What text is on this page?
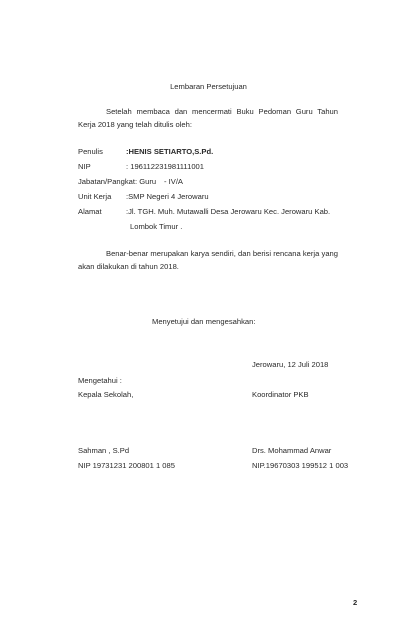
Lembaran Persetujuan
Setelah membaca dan mencermati Buku Pedoman Guru Tahun Kerja 2018 yang telah ditulis oleh:
Penulis	:HENIS SETIARTO,S.Pd.
NIP	: 196112231981111001
Jabatan/Pangkat: Guru - IV/A
Unit Kerja :SMP Negeri 4 Jerowaru
Alamat	:Jl. TGH. Muh. Mutawalli Desa Jerowaru Kec. Jerowaru Kab.
Lombok Timur .
Benar-benar merupakan karya sendiri, dan berisi rencana kerja yang akan dilakukan di tahun 2018.
Menyetujui dan mengesahkan:
Jerowaru, 12 Juli 2018
Mengetahui :
Kepala Sekolah,	Koordinator PKB
Sahman , S.Pd	Drs. Mohammad Anwar
NIP 19731231 200801 1 085	NIP.19670303 199512 1 003
2
